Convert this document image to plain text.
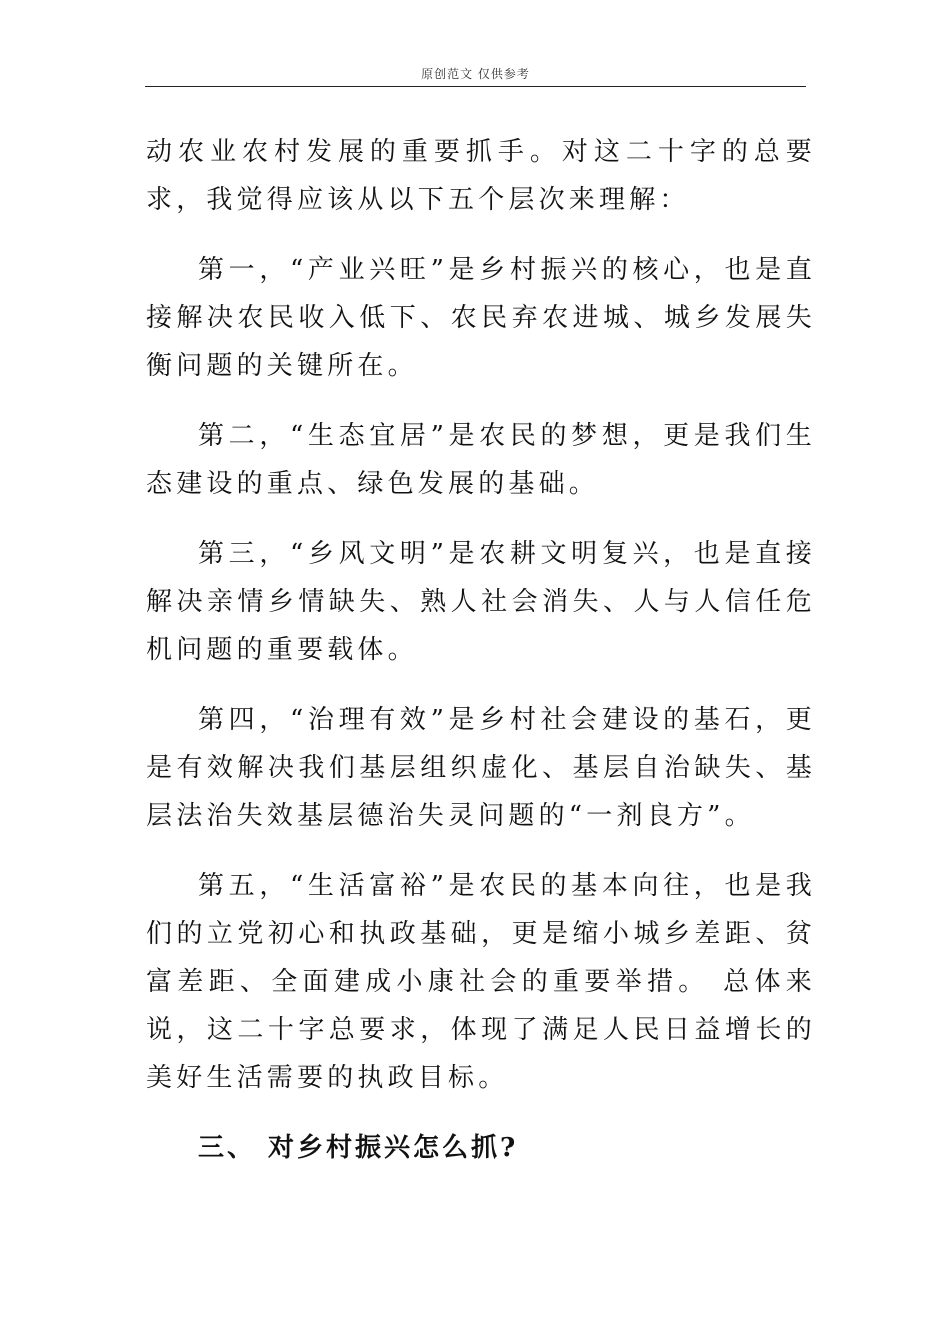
原创范文 仅供参考

动农业农村发展的重要抓手。对这二十字的总要求，我觉得应该从以下五个层次来理解：

第一，“产业兴旺”是乡村振兴的核心，也是直接解决农民收入低下、农民弃农进城、城乡发展失衡问题的关键所在。

第二，“生态宜居”是农民的梦想，更是我们生态建设的重点、绿色发展的基础。

第三，“乡风文明”是农耕文明复兴，也是直接解决亲情乡情缺失、熟人社会消失、人与人信任危机问题的重要载体。

第四，“治理有效”是乡村社会建设的基石，更是有效解决我们基层组织虚化、基层自治缺失、基层法治失效基层德治失灵问题的“一剂良方”。

第五，“生活富裕”是农民的基本向往，也是我们的立党初心和执政基础，更是缩小城乡差距、贫富差距、全面建成小康社会的重要举措。 总体来说，这二十字总要求，体现了满足人民日益增长的美好生活需要的执政目标。

三、 对乡村振兴怎么抓?
